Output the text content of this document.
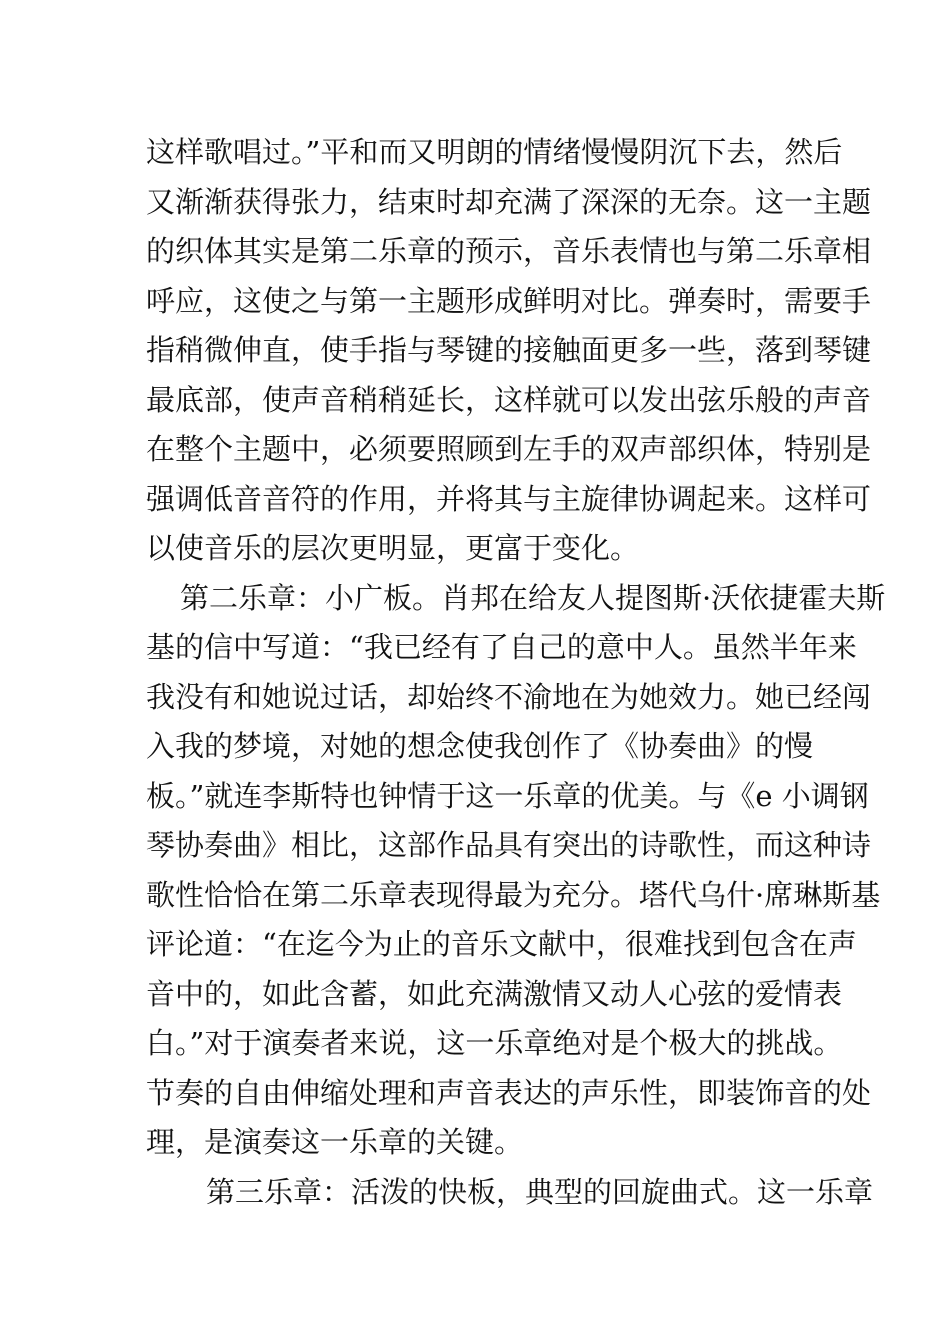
这样歌唱过。”平和而又明朗的情绪慢慢阴沉下去，然后
又渐渐获得张力，结束时却充满了深深的无奈。这一主题
的织体其实是第二乐章的预示，音乐表情也与第二乐章相
呼应，这使之与第一主题形成鲜明对比。弹奏时，需要手
指稍微伸直，使手指与琴键的接触面更多一些，落到琴键
最底部，使声音稍稍延长，这样就可以发出弦乐般的声音
在整个主题中，必须要照顾到左手的双声部织体，特别是
强调低音音符的作用，并将其与主旋律协调起来。这样可
以使音乐的层次更明显，更富于变化。
第二乐章：小广板。肖邦在给友人提图斯·沃依捷霍夫斯
基的信中写道：“我已经有了自己的意中人。虽然半年来
我没有和她说过话，却始终不渝地在为她效力。她已经闯
入我的梦境，对她的想念使我创作了《协奏曲》的慢
板。”就连李斯特也钟情于这一乐章的优美。与《e 小调钢
琴协奏曲》相比，这部作品具有突出的诗歌性，而这种诗
歌性恰恰在第二乐章表现得最为充分。塔代乌什·席琳斯基
评论道：“在迄今为止的音乐文献中，很难找到包含在声
音中的，如此含蓄，如此充满激情又动人心弦的爱情表
白。”对于演奏者来说，这一乐章绝对是个极大的挑战。
节奏的自由伸缩处理和声音表达的声乐性，即装饰音的处
理，是演奏这一乐章的关键。
第三乐章：活泼的快板，典型的回旋曲式。这一乐章
